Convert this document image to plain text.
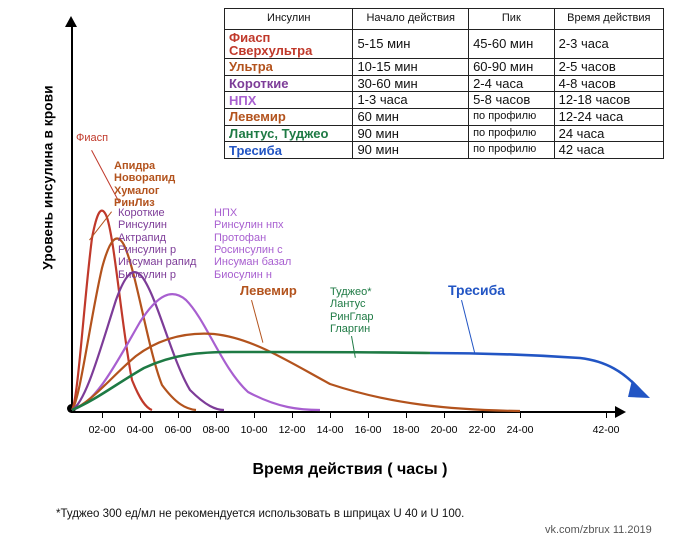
Инсулин	Начало действия	Пик	Время действия
Фиасп
Сверхультра	5-15 мин	45-60 мин	2-3 часа
Ультра	10-15 мин	60-90 мин	2-5 часов
Короткие	30-60 мин	2-4 часа	4-8 часов
НПХ	1-3 часа	5-8 часов	12-18 часов
Левемир	60 мин	по профилю	12-24 часа
Лантус, Туджео	90 мин	по профилю	24 часа
Тресиба	90 мин	по профилю	42 часа
Уровень инсулина в крови
Время действия ( часы )
02-00	04-00	06-00	08-00	10-00	12-00	14-00	16-00	18-00	20-00	22-00	24-00	42-00
Фиасп
Апидра
Новорапид
Хумалог
РинЛиз
Короткие
Ринсулин
Актрапид
Ринсулин р
Инсуман рапид
Биосулин р
НПХ
Ринсулин нпх
Протофан
Росинсулин с
Инсуман базал
Биосулин н
Левемир	Туджео*
Лантус
РинГлар
Гларгин
Тресиба
*Туджео 300 ед/мл не рекомендуется использовать в шприцах U 40 и U 100.
vk.com/zbrux 11.2019
